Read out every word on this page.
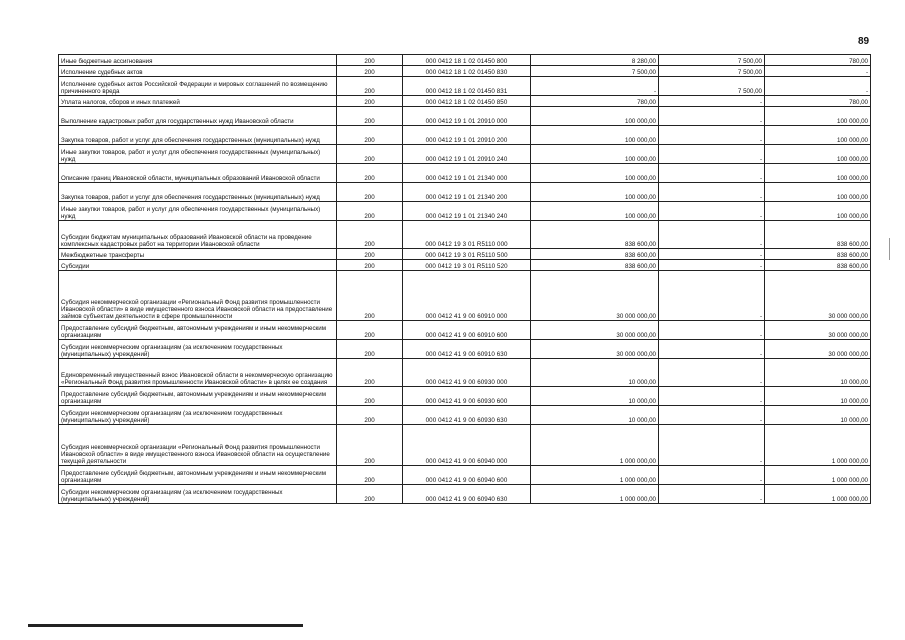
89
Иные бюджетные ассигнования	200	000 0412 18 1 02 01450 800	8 280,00	7 500,00	780,00
Исполнение судебных актов	200	000 0412 18 1 02 01450 830	7 500,00	7 500,00	-
Исполнение судебных актов Российской Федерации и мировых соглашений по возмещению причиненного вреда	200	000 0412 18 1 02 01450 831	-	7 500,00	-
Уплата налогов, сборов и иных платежей	200	000 0412 18 1 02 01450 850	780,00	-	780,00
Выполнение кадастровых работ для государственных нужд Ивановской области	200	000 0412 19 1 01 20910 000	100 000,00	-	100 000,00
Закупка товаров, работ и услуг для обеспечения государственных (муниципальных) нужд	200	000 0412 19 1 01 20910 200	100 000,00	-	100 000,00
Иные закупки товаров, работ и услуг для обеспечения государственных (муниципальных) нужд	200	000 0412 19 1 01 20910 240	100 000,00	-	100 000,00
Описание границ Ивановской области, муниципальных образований Ивановской области	200	000 0412 19 1 01 21340 000	100 000,00	-	100 000,00
Закупка товаров, работ и услуг для обеспечения государственных (муниципальных) нужд	200	000 0412 19 1 01 21340 200	100 000,00	-	100 000,00
Иные закупки товаров, работ и услуг для обеспечения государственных (муниципальных) нужд	200	000 0412 19 1 01 21340 240	100 000,00	-	100 000,00
Субсидии бюджетам муниципальных образований Ивановской области на проведение комплексных кадастровых работ на территории Ивановской области	200	000 0412 19 3 01 R5110 000	838 600,00	-	838 600,00
Межбюджетные трансферты	200	000 0412 19 3 01 R5110 500	838 600,00	-	838 600,00
Субсидии	200	000 0412 19 3 01 R5110 520	838 600,00	-	838 600,00
Субсидия некоммерческой организации «Региональный Фонд развития промышленности Ивановской области» в виде имущественного взноса Ивановской области на предоставление займов субъектам деятельности в сфере промышленности	200	000 0412 41 9 00 60910 000	30 000 000,00	-	30 000 000,00
Предоставление субсидий бюджетным, автономным учреждениям и иным некоммерческим организациям	200	000 0412 41 9 00 60910 600	30 000 000,00	-	30 000 000,00
Субсидии некоммерческим организациям (за исключением государственных (муниципальных) учреждений)	200	000 0412 41 9 00 60910 630	30 000 000,00	-	30 000 000,00
Единовременный имущественный взнос Ивановской области в некоммерческую организацию «Региональный Фонд развития промышленности Ивановской области» в целях ее создания	200	000 0412 41 9 00 60930 000	10 000,00	-	10 000,00
Предоставление субсидий бюджетным, автономным учреждениям и иным некоммерческим организациям	200	000 0412 41 9 00 60930 600	10 000,00	-	10 000,00
Субсидии некоммерческим организациям (за исключением государственных (муниципальных) учреждений)	200	000 0412 41 9 00 60930 630	10 000,00	-	10 000,00
Субсидия некоммерческой организации «Региональный Фонд развития промышленности Ивановской области» в виде имущественного взноса Ивановской области на осуществление текущей деятельности	200	000 0412 41 9 00 60940 000	1 000 000,00	-	1 000 000,00
Предоставление субсидий бюджетным, автономным учреждениям и иным некоммерческим организациям	200	000 0412 41 9 00 60940 600	1 000 000,00	-	1 000 000,00
Субсидии некоммерческим организациям (за исключением государственных (муниципальных) учреждений)	200	000 0412 41 9 00 60940 630	1 000 000,00	-	1 000 000,00
